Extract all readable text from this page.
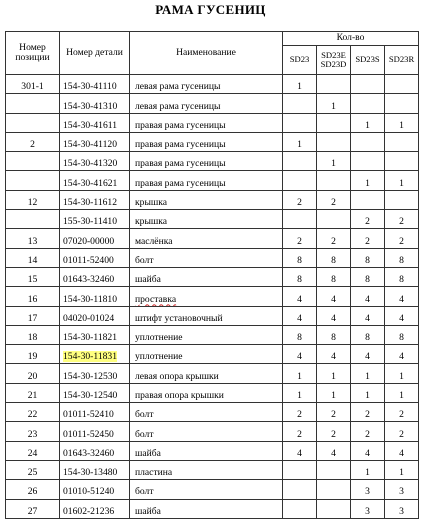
РАМА ГУСЕНИЦ
Номер
позиции	Номер детали	Наименование	Кол-во			
			SD23	SD23E
SD23D	SD23S	SD23R
301-1	154-30-41110	левая рама гусеницы	1			
	154-30-41310	левая рама гусеницы		1		
	154-30-41611	правая рама гусеницы			1	1
2	154-30-41120	правая рама гусеницы	1			
	154-30-41320	правая рама гусеницы		1		
	154-30-41621	правая рама гусеницы			1	1
12	154-30-11612	крышка	2	2		
	155-30-11410	крышка			2	2
13	07020-00000	маслёнка	2	2	2	2
14	01011-52400	болт	8	8	8	8
15	01643-32460	шайба	8	8	8	8
16	154-30-11810	проставка	4	4	4	4
17	04020-01024	штифт установочный	4	4	4	4
18	154-30-11821	уплотнение	8	8	8	8
19	154-30-11831	уплотнение	4	4	4	4
20	154-30-12530	левая опора крышки	1	1	1	1
21	154-30-12540	правая опора крышки	1	1	1	1
22	01011-52410	болт	2	2	2	2
23	01011-52450	болт	2	2	2	2
24	01643-32460	шайба	4	4	4	4
25	154-30-13480	пластина			1	1
26	01010-51240	болт			3	3
27	01602-21236	шайба			3	3
